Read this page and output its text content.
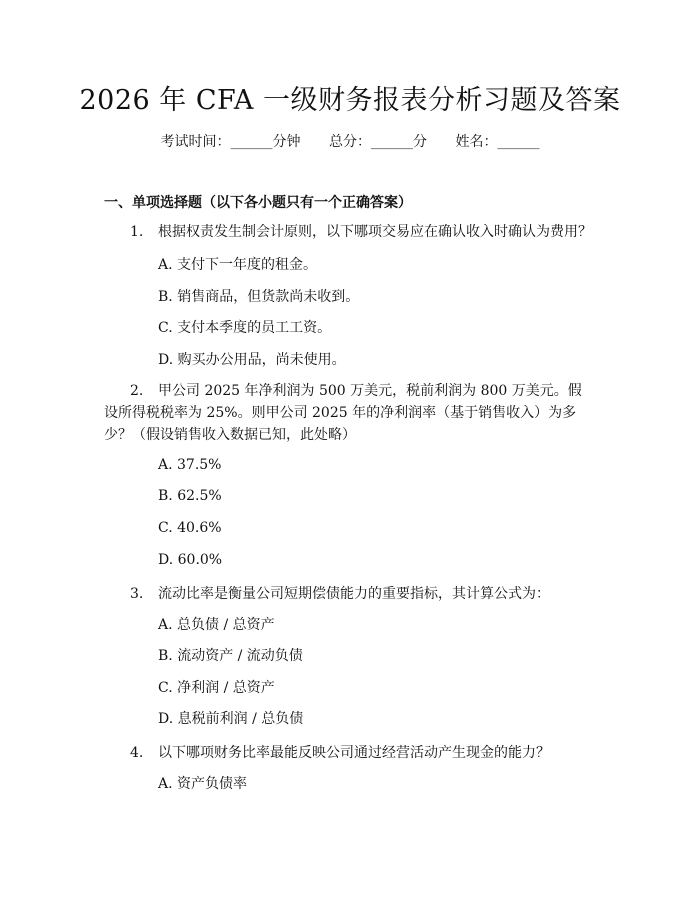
2026 年 CFA 一级财务报表分析习题及答案
考试时间：______分钟 总分：______分 姓名：______
一、单项选择题（以下各小题只有一个正确答案）
1. 根据权责发生制会计原则，以下哪项交易应在确认收入时确认为费用？
A. 支付下一年度的租金。
B. 销售商品，但货款尚未收到。
C. 支付本季度的员工工资。
D. 购买办公用品，尚未使用。
2. 甲公司 2025 年净利润为 500 万美元，税前利润为 800 万美元。假设所得税税率为 25%。则甲公司 2025 年的净利润率（基于销售收入）为多少？（假设销售收入数据已知，此处略）
A. 37.5%
B. 62.5%
C. 40.6%
D. 60.0%
3. 流动比率是衡量公司短期偿债能力的重要指标，其计算公式为：
A. 总负债 / 总资产
B. 流动资产 / 流动负债
C. 净利润 / 总资产
D. 息税前利润 / 总负债
4. 以下哪项财务比率最能反映公司通过经营活动产生现金的能力？
A. 资产负债率
